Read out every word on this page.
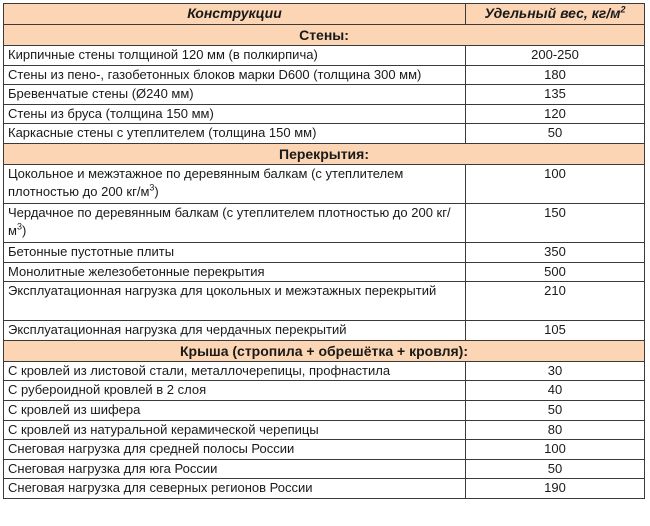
Конструкции	Удельный вес, $кг/м^2$
Стены:	
Кирпичные стены толщиной 120 мм (в полкирпича)	200-250
Стены из пено-, газобетонных блоков марки D600 (толщина 300 мм)	180
Бревенчатые стены (Ø240 мм)	135
Стены из бруса (толщина 150 мм)	120
Каркасные стены с утеплителем (толщина 150 мм)	50
Перекрытия:	
Цокольное и межэтажное по деревянным балкам (с утеплителем плотностью до 200 $кг/м^3$)	100
Чердачное по деревянным балкам (с утеплителем плотностью до 200 $кг/м^3$)	150
Бетонные пустотные плиты	350
Монолитные железобетонные перекрытия	500
Эксплуатационная нагрузка для цокольных и межэтажных перекрытий	210
Эксплуатационная нагрузка для чердачных перекрытий	105
Крыша (стропила + обрешётка + кровля):	
С кровлей из листовой стали, металлочерепицы, профнастила	30
С рубероидной кровлей в 2 слоя	40
С кровлей из шифера	50
С кровлей из натуральной керамической черепицы	80
Снеговая нагрузка для средней полосы России	100
Снеговая нагрузка для юга России	50
Снеговая нагрузка для северных регионов России	190
